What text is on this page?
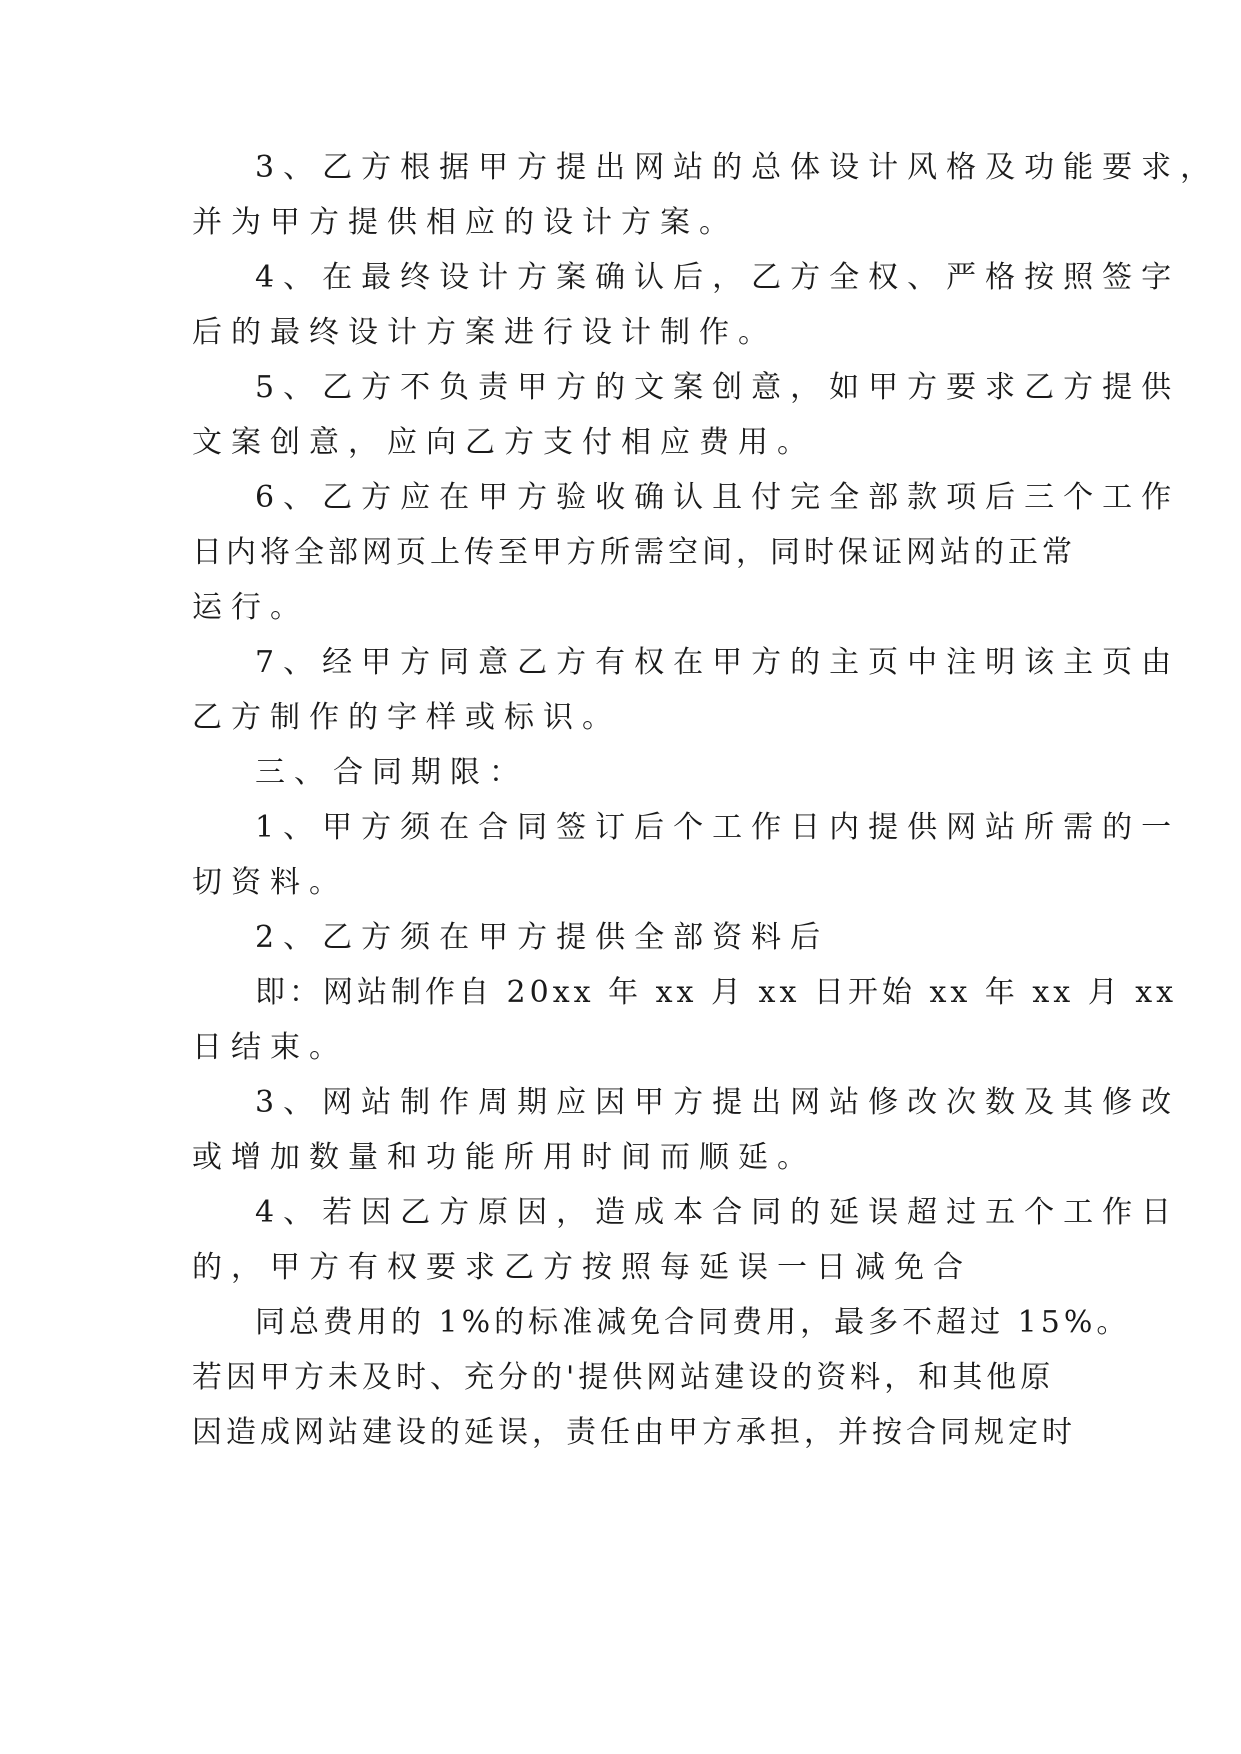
3、乙方根据甲方提出网站的总体设计风格及功能要求，
并为甲方提供相应的设计方案。
4、在最终设计方案确认后，乙方全权、严格按照签字
后的最终设计方案进行设计制作。
5、乙方不负责甲方的文案创意，如甲方要求乙方提供
文案创意，应向乙方支付相应费用。
6、乙方应在甲方验收确认且付完全部款项后三个工作
日内将全部网页上传至甲方所需空间，同时保证网站的正常
运行。
7、经甲方同意乙方有权在甲方的主页中注明该主页由
乙方制作的字样或标识。
三、合同期限：
1、甲方须在合同签订后个工作日内提供网站所需的一
切资料。
2、乙方须在甲方提供全部资料后
即：网站制作自 20xx 年 xx 月 xx 日开始 xx 年 xx 月 xx
日结束。
3、网站制作周期应因甲方提出网站修改次数及其修改
或增加数量和功能所用时间而顺延。
4、若因乙方原因，造成本合同的延误超过五个工作日
的，甲方有权要求乙方按照每延误一日减免合
同总费用的 1%的标准减免合同费用，最多不超过 15%。
若因甲方未及时、充分的'提供网站建设的资料，和其他原
因造成网站建设的延误，责任由甲方承担，并按合同规定时
